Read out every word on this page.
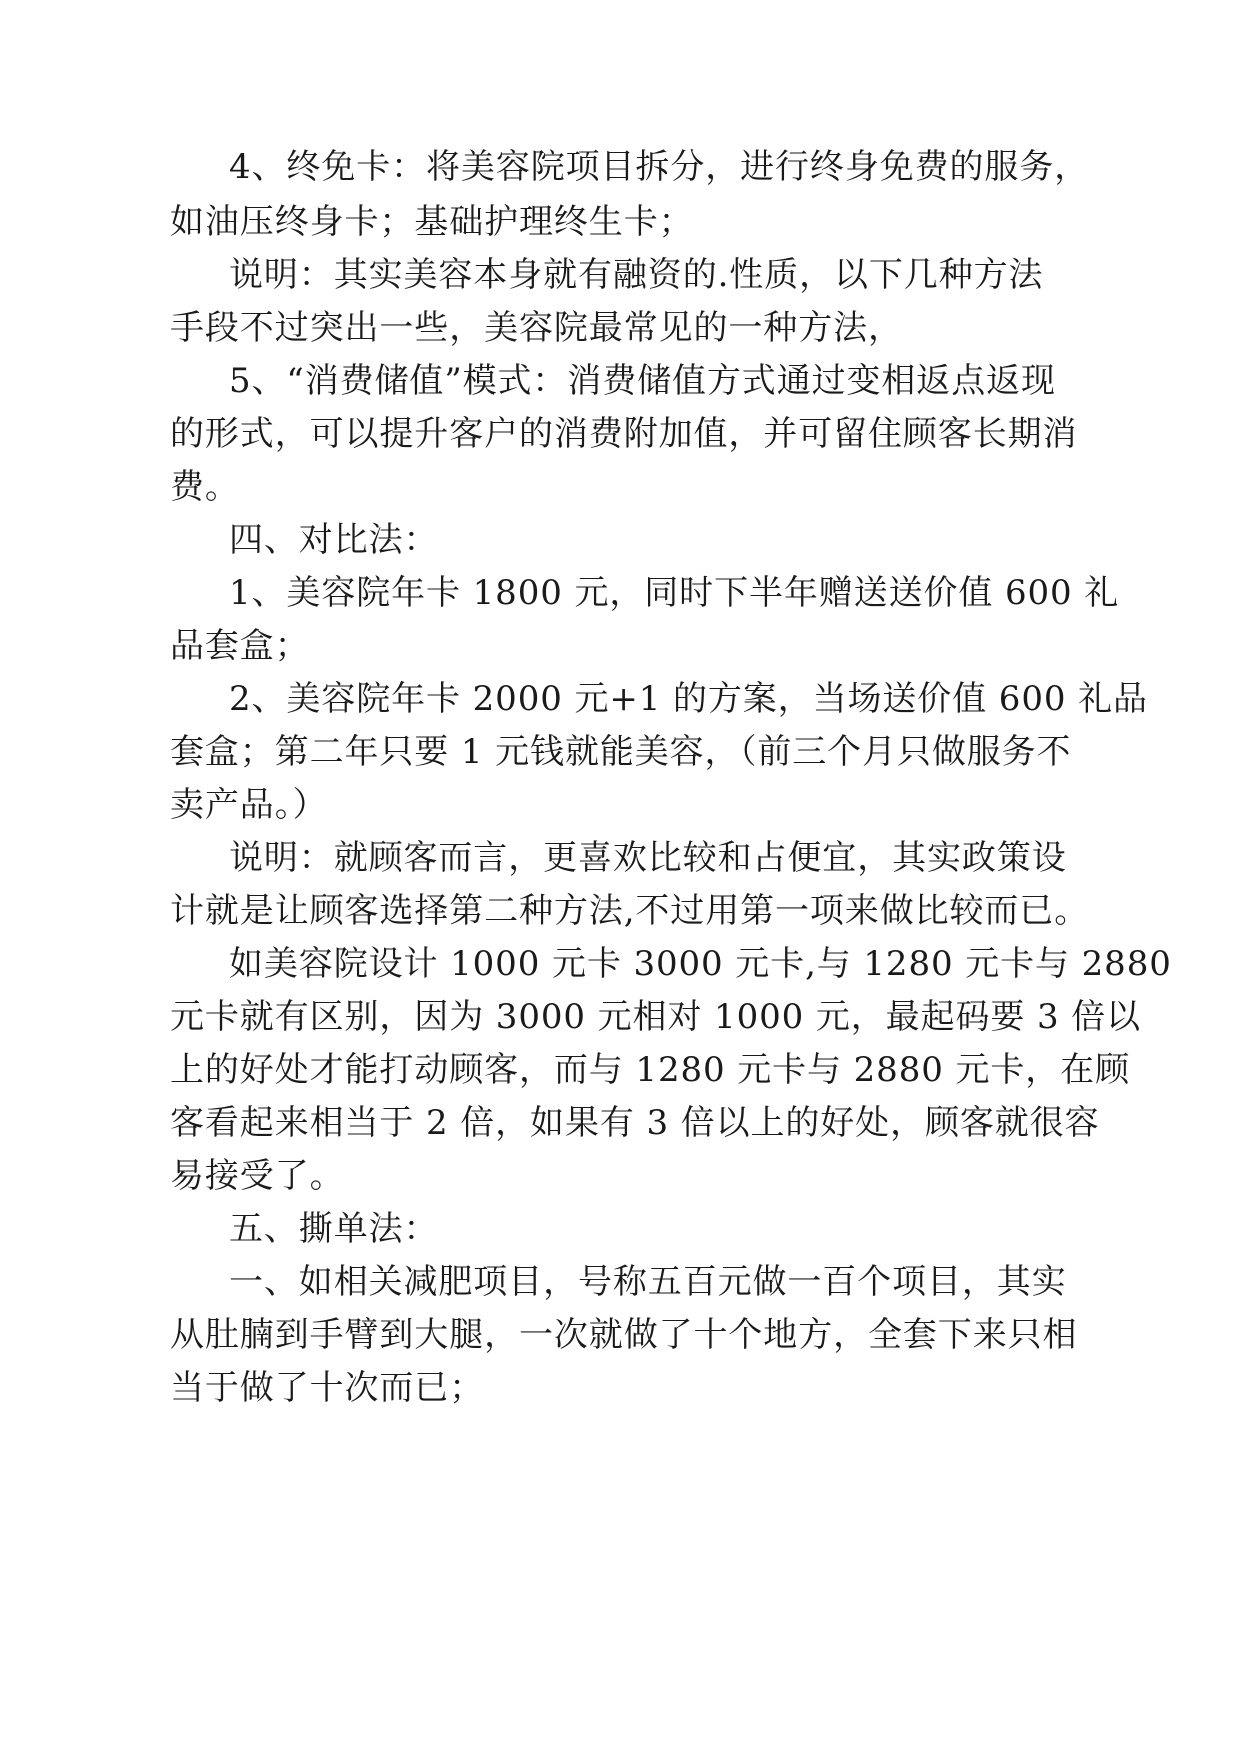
4、终免卡：将美容院项目拆分，进行终身免费的服务，
如油压终身卡；基础护理终生卡；
说明：其实美容本身就有融资的.性质，以下几种方法
手段不过突出一些，美容院最常见的一种方法，
5、“消费储值”模式：消费储值方式通过变相返点返现
的形式，可以提升客户的消费附加值，并可留住顾客长期消
费。
四、对比法：
1、美容院年卡 1800 元，同时下半年赠送送价值 600 礼
品套盒；
2、美容院年卡 2000 元+1 的方案，当场送价值 600 礼品
套盒；第二年只要 1 元钱就能美容，（前三个月只做服务不
卖产品。）
说明：就顾客而言，更喜欢比较和占便宜，其实政策设
计就是让顾客选择第二种方法,不过用第一项来做比较而已。
如美容院设计 1000 元卡 3000 元卡,与 1280 元卡与 2880
元卡就有区别，因为 3000 元相对 1000 元，最起码要 3 倍以
上的好处才能打动顾客，而与 1280 元卡与 2880 元卡，在顾
客看起来相当于 2 倍，如果有 3 倍以上的好处，顾客就很容
易接受了。
五、撕单法：
一、如相关减肥项目，号称五百元做一百个项目，其实
从肚腩到手臂到大腿，一次就做了十个地方，全套下来只相
当于做了十次而已；
